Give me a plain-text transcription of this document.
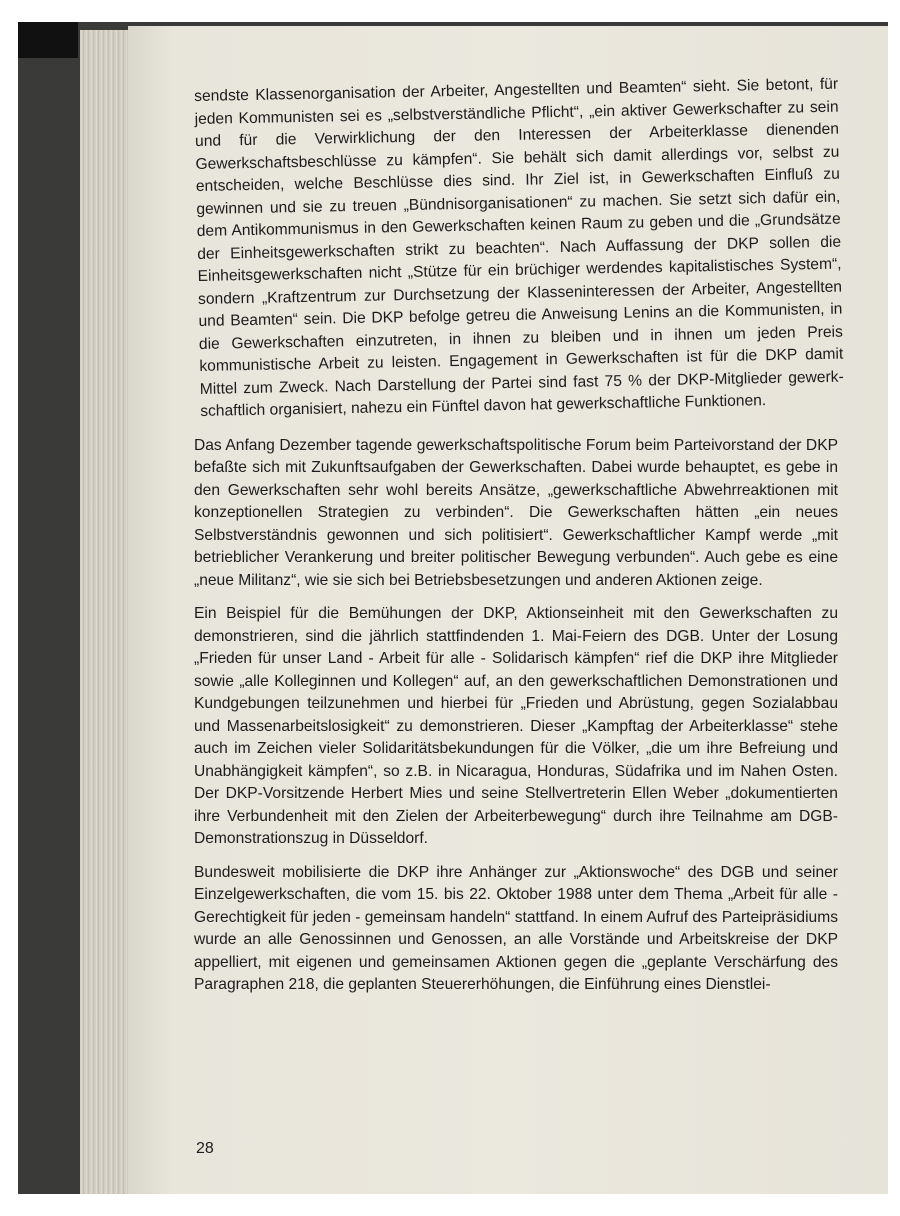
sendste Klassenorganisation der Arbeiter, Angestellten und Beamten“ sieht. Sie betont, für jeden Kommunisten sei es „selbstverständliche Pflicht“, „ein aktiver Gewerkschafter zu sein und für die Verwirklichung der den Interessen der Arbeiterklasse dienenden Gewerkschaftsbeschlüsse zu kämpfen“. Sie behält sich damit allerdings vor, selbst zu entscheiden, welche Beschlüsse dies sind. Ihr Ziel ist, in Gewerkschaften Einfluß zu gewinnen und sie zu treuen „Bündnisorganisationen“ zu machen. Sie setzt sich dafür ein, dem Antikommunismus in den Gewerkschaften keinen Raum zu geben und die „Grundsätze der Einheitsgewerkschaften strikt zu beachten“. Nach Auffassung der DKP sollen die Einheitsgewerkschaften nicht „Stütze für ein brüchiger werdendes kapitalistisches System“, sondern „Kraftzentrum zur Durchsetzung der Klasseninteressen der Arbeiter, Angestellten und Beamten“ sein. Die DKP befolge getreu die Anweisung Lenins an die Kommunisten, in die Gewerkschaften einzutreten, in ihnen zu bleiben und in ihnen um jeden Preis kommunistische Arbeit zu leisten. Engagement in Gewerkschaften ist für die DKP damit Mittel zum Zweck. Nach Darstellung der Partei sind fast 75 % der DKP-Mitglieder gewerkschaftlich organisiert, nahezu ein Fünftel davon hat gewerkschaftliche Funktionen.

Das Anfang Dezember tagende gewerkschaftspolitische Forum beim Parteivorstand der DKP befaßte sich mit Zukunftsaufgaben der Gewerkschaften. Dabei wurde behauptet, es gebe in den Gewerkschaften sehr wohl bereits Ansätze, „gewerkschaftliche Abwehrreaktionen mit konzeptionellen Strategien zu verbinden“. Die Gewerkschaften hätten „ein neues Selbstverständnis gewonnen und sich politisiert“. Gewerkschaftlicher Kampf werde „mit betrieblicher Verankerung und breiter politischer Bewegung verbunden“. Auch gebe es eine „neue Militanz“, wie sie sich bei Betriebsbesetzungen und anderen Aktionen zeige.

Ein Beispiel für die Bemühungen der DKP, Aktionseinheit mit den Gewerkschaften zu demonstrieren, sind die jährlich stattfindenden 1. Mai-Feiern des DGB. Unter der Losung „Frieden für unser Land - Arbeit für alle - Solidarisch kämpfen“ rief die DKP ihre Mitglieder sowie „alle Kolleginnen und Kollegen“ auf, an den gewerkschaftlichen Demonstrationen und Kundgebungen teilzunehmen und hierbei für „Frieden und Abrüstung, gegen Sozialabbau und Massenarbeitslosigkeit“ zu demonstrieren. Dieser „Kampftag der Arbeiterklasse“ stehe auch im Zeichen vieler Solidaritätsbekundungen für die Völker, „die um ihre Befreiung und Unabhängigkeit kämpfen“, so z.B. in Nicaragua, Honduras, Südafrika und im Nahen Osten. Der DKP-Vorsitzende Herbert Mies und seine Stellvertreterin Ellen Weber „dokumentierten ihre Verbundenheit mit den Zielen der Arbeiterbewegung“ durch ihre Teilnahme am DGB-Demonstrationszug in Düsseldorf.

Bundesweit mobilisierte die DKP ihre Anhänger zur „Aktionswoche“ des DGB und seiner Einzelgewerkschaften, die vom 15. bis 22. Oktober 1988 unter dem Thema „Arbeit für alle - Gerechtigkeit für jeden - gemeinsam handeln“ stattfand. In einem Aufruf des Parteipräsidiums wurde an alle Genossinnen und Genossen, an alle Vorstände und Arbeitskreise der DKP appelliert, mit eigenen und gemeinsamen Aktionen gegen die „geplante Verschärfung des Paragraphen 218, die geplanten Steuererhöhungen, die Einführung eines Dienstlei-

28
